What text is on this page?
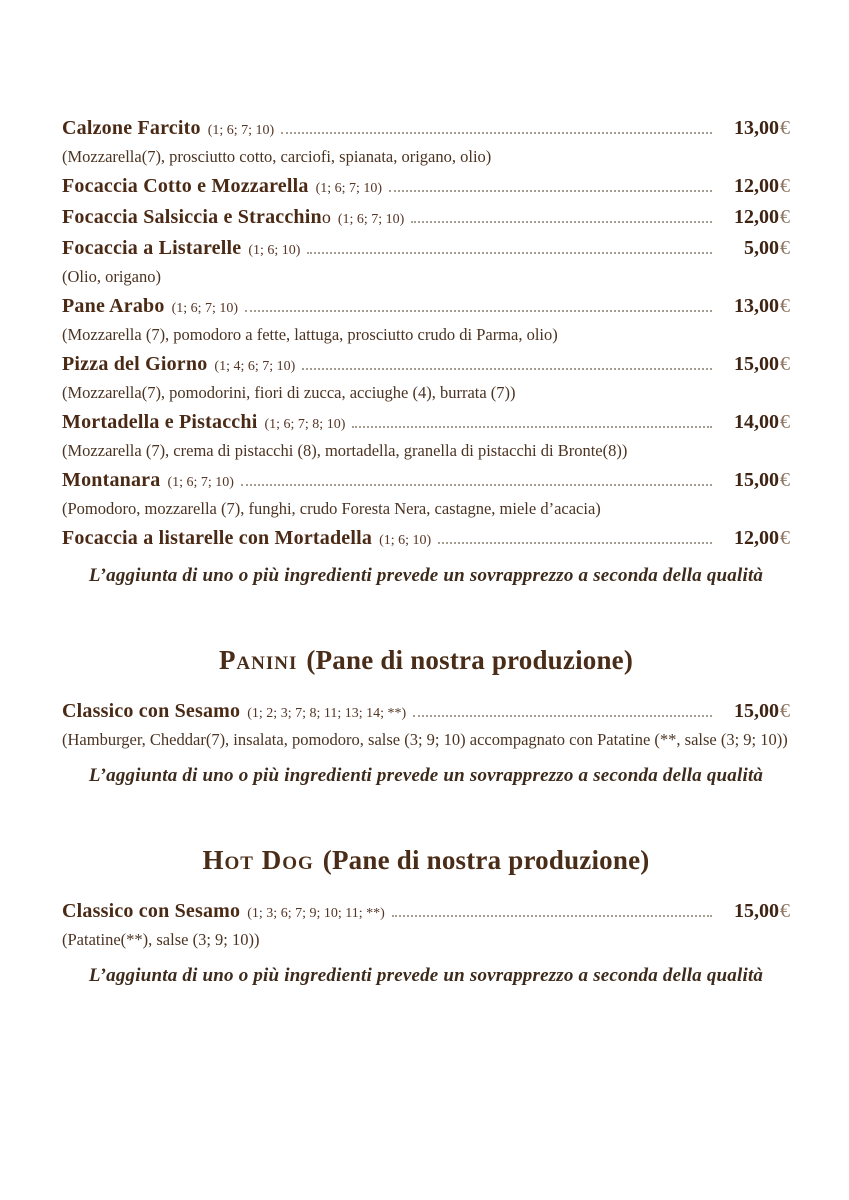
Calzone Farcito (1; 6; 7; 10)	13,00€

(Mozzarella(7), prosciutto cotto, carciofi, spianata, origano, olio)

Focaccia Cotto e Mozzarella (1; 6; 7; 10)	12,00€
Focaccia Salsiccia e Stracchin o (1; 6; 7; 10)	12,00€
Focaccia a Listarelle (1; 6; 10)	5,00€

(Olio, origano)

Pane Arabo (1; 6; 7; 10)	13,00€

(Mozzarella (7), pomodoro a fette, lattuga, prosciutto crudo di Parma, olio)

Pizza del Giorno (1; 4; 6; 7; 10)	15,00€

(Mozzarella(7), pomodorini, fiori di zucca, acciughe (4), burrata (7))

Mortadella e Pistacchi (1; 6; 7; 8; 10)	14,00€

(Mozzarella (7), crema di pistacchi (8), mortadella, granella di pistacchi di Bronte(8))

Montanara (1; 6; 7; 10)	15,00€

(Pomodoro, mozzarella (7), funghi, crudo Foresta Nera, castagne, miele d’acacia)

Focaccia a listarelle con Mortadella (1; 6; 10)	12,00€

L’aggiunta di uno o più ingredienti prevede un sovrapprezzo a seconda della qualità

Panini (Pane di nostra produzione)
Classico con Sesamo (1; 2; 3; 7; 8; 11; 13; 14; **)	15,00€

(Hamburger, Cheddar(7), insalata, pomodoro, salse (3; 9; 10) accompagnato con Patatine (**, salse (3; 9; 10))

L’aggiunta di uno o più ingredienti prevede un sovrapprezzo a seconda della qualità

Hot Dog (Pane di nostra produzione)
Classico con Sesamo (1; 3; 6; 7; 9; 10; 11; **)	15,00€

(Patatine(**), salse (3; 9; 10))

L’aggiunta di uno o più ingredienti prevede un sovrapprezzo a seconda della qualità
